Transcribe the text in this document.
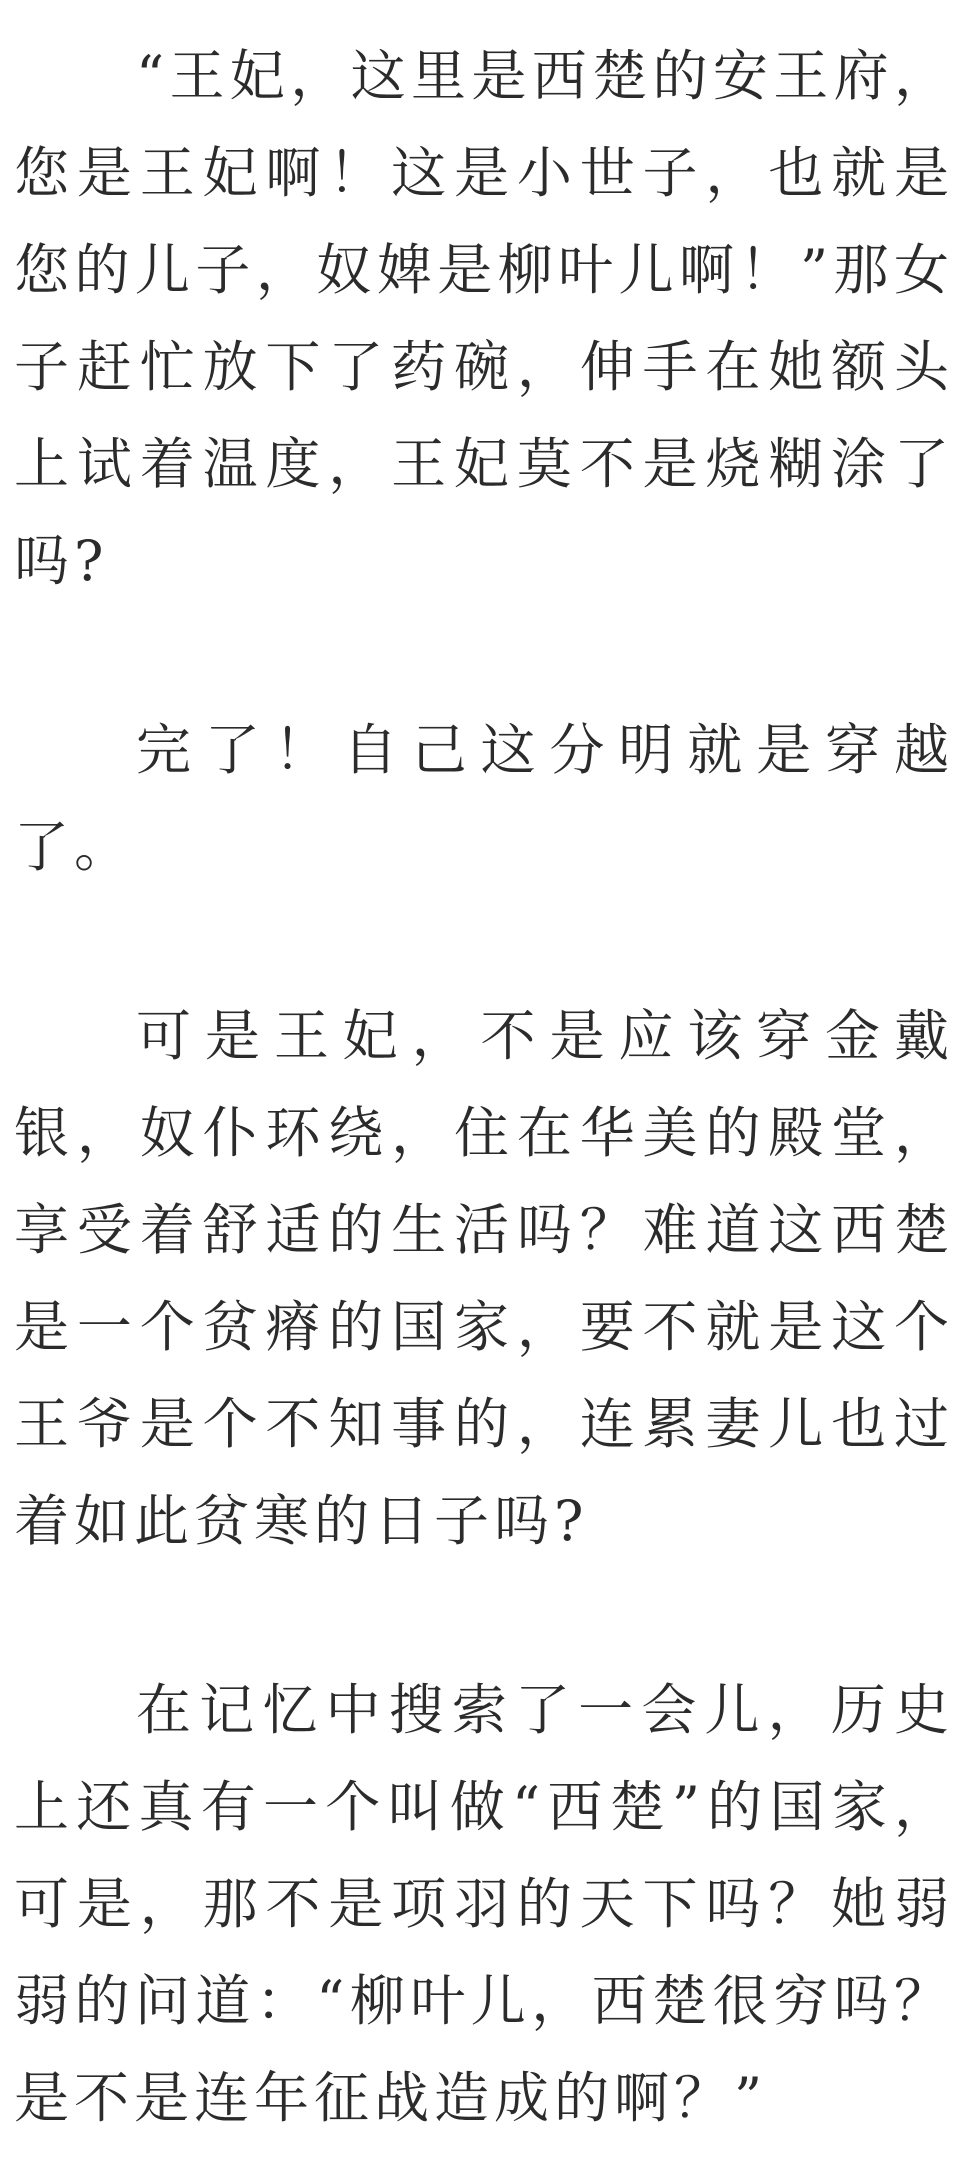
“王妃，这里是西楚的安王府，您是王妃啊！这是小世子，也就是您的儿子，奴婢是柳叶儿啊！”那女子赶忙放下了药碗，伸手在她额头上试着温度，王妃莫不是烧糊涂了吗?

完了！自己这分明就是穿越了。

可是王妃，不是应该穿金戴银，奴仆环绕，住在华美的殿堂，享受着舒适的生活吗？难道这西楚是一个贫瘠的国家，要不就是这个王爷是个不知事的，连累妻儿也过着如此贫寒的日子吗?

在记忆中搜索了一会儿，历史上还真有一个叫做“西楚”的国家，可是，那不是项羽的天下吗？她弱弱的问道：“柳叶儿，西楚很穷吗？是不是连年征战造成的啊？”
